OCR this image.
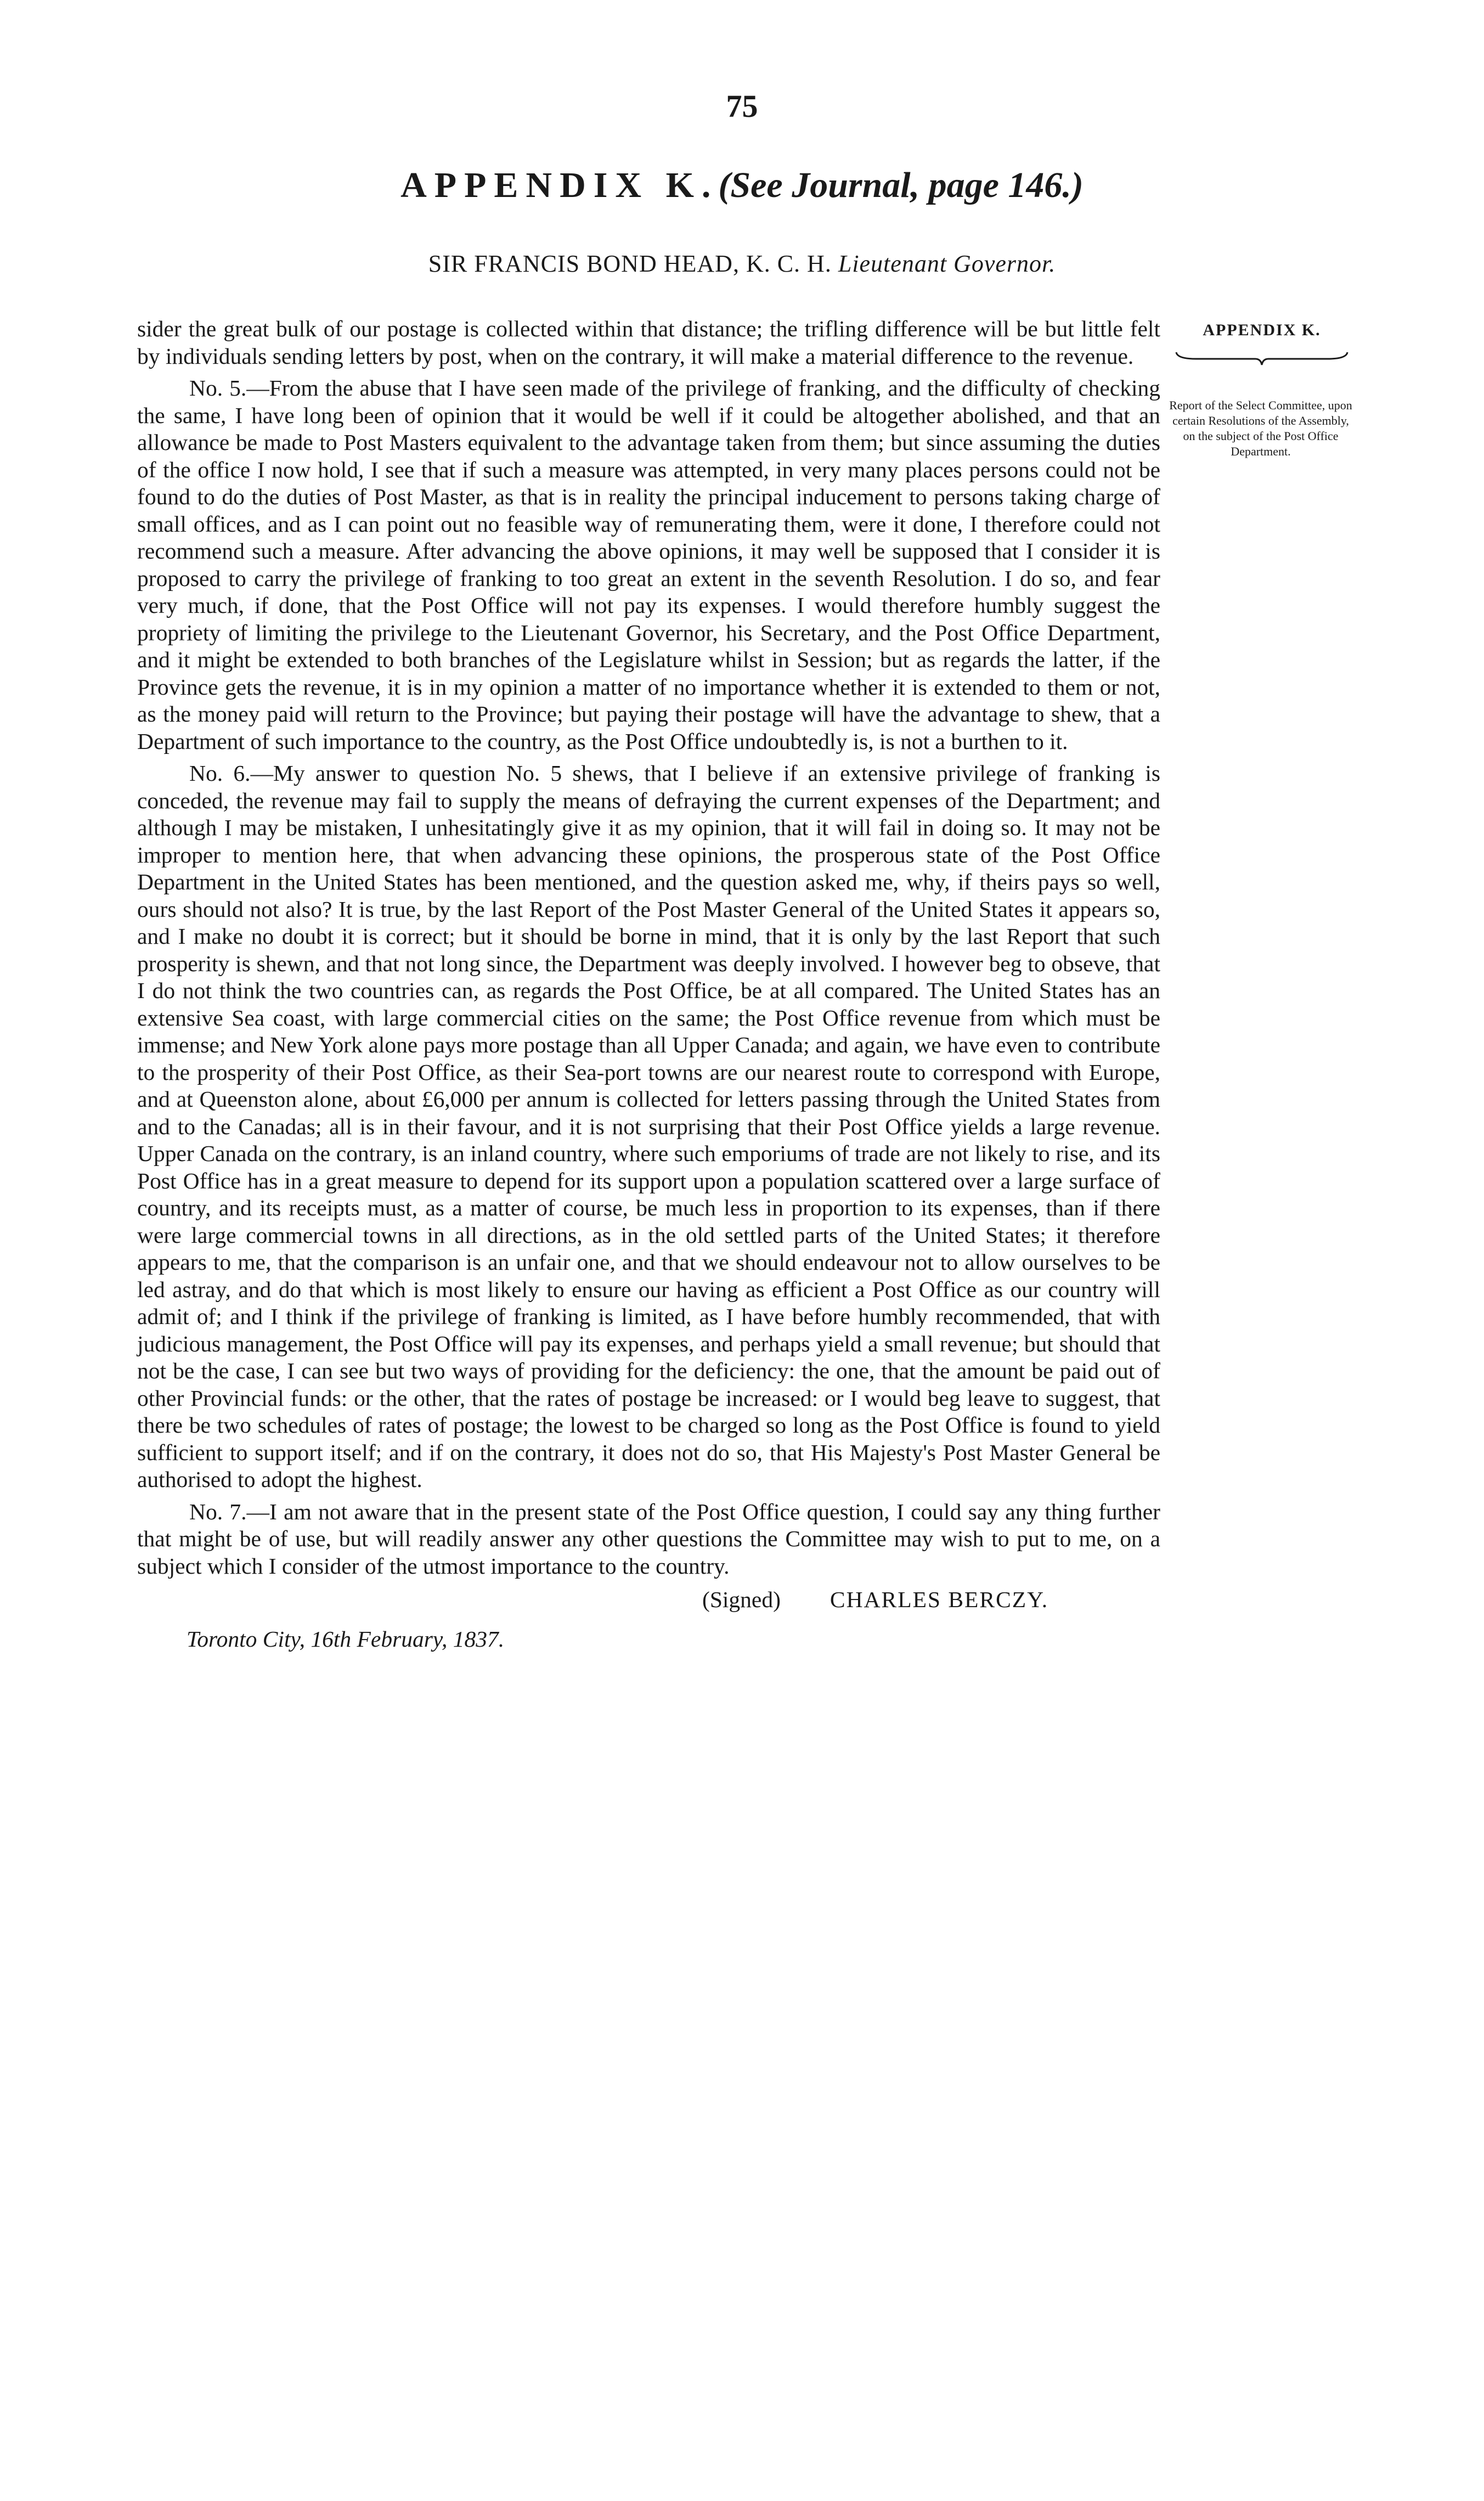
75
APPENDIX K.(See Journal, page 146.)
SIR FRANCIS BOND HEAD, K. C. H. Lieutenant Governor.
APPENDIX K.
Report of the Select Committee, upon certain Resolutions of the Assembly, on the subject of the Post Office Department.

sider the great bulk of our postage is collected within that distance; the trifling difference will be but little felt by individuals sending letters by post, when on the contrary, it will make a material difference to the revenue.

No. 5.—From the abuse that I have seen made of the privilege of franking, and the difficulty of checking the same, I have long been of opinion that it would be well if it could be altogether abolished, and that an allowance be made to Post Masters equivalent to the advantage taken from them; but since assuming the duties of the office I now hold, I see that if such a measure was attempted, in very many places persons could not be found to do the duties of Post Master, as that is in reality the principal inducement to persons taking charge of small offices, and as I can point out no feasible way of remunerating them, were it done, I therefore could not recommend such a measure. After advancing the above opinions, it may well be supposed that I consider it is proposed to carry the privilege of franking to too great an extent in the seventh Resolution. I do so, and fear very much, if done, that the Post Office will not pay its expenses. I would therefore humbly suggest the propriety of limiting the privilege to the Lieutenant Governor, his Secretary, and the Post Office Department, and it might be extended to both branches of the Legislature whilst in Session; but as regards the latter, if the Province gets the revenue, it is in my opinion a matter of no importance whether it is extended to them or not, as the money paid will return to the Province; but paying their postage will have the advantage to shew, that a Department of such importance to the country, as the Post Office undoubtedly is, is not a burthen to it.

No. 6.—My answer to question No. 5 shews, that I believe if an extensive privilege of franking is conceded, the revenue may fail to supply the means of defraying the current expenses of the Department; and although I may be mistaken, I unhesitatingly give it as my opinion, that it will fail in doing so. It may not be improper to mention here, that when advancing these opinions, the prosperous state of the Post Office Department in the United States has been mentioned, and the question asked me, why, if theirs pays so well, ours should not also? It is true, by the last Report of the Post Master General of the United States it appears so, and I make no doubt it is correct; but it should be borne in mind, that it is only by the last Report that such prosperity is shewn, and that not long since, the Department was deeply involved. I however beg to obseve, that I do not think the two countries can, as regards the Post Office, be at all compared. The United States has an extensive Sea coast, with large commercial cities on the same; the Post Office revenue from which must be immense; and New York alone pays more postage than all Upper Canada; and again, we have even to contribute to the prosperity of their Post Office, as their Sea-port towns are our nearest route to correspond with Europe, and at Queenston alone, about £6,000 per annum is collected for letters passing through the United States from and to the Canadas; all is in their favour, and it is not surprising that their Post Office yields a large revenue. Upper Canada on the contrary, is an inland country, where such emporiums of trade are not likely to rise, and its Post Office has in a great measure to depend for its support upon a population scattered over a large surface of country, and its receipts must, as a matter of course, be much less in proportion to its expenses, than if there were large commercial towns in all directions, as in the old settled parts of the United States; it therefore appears to me, that the comparison is an unfair one, and that we should endeavour not to allow ourselves to be led astray, and do that which is most likely to ensure our having as efficient a Post Office as our country will admit of; and I think if the privilege of franking is limited, as I have before humbly recommended, that with judicious management, the Post Office will pay its expenses, and perhaps yield a small revenue; but should that not be the case, I can see but two ways of providing for the deficiency: the one, that the amount be paid out of other Provincial funds: or the other, that the rates of postage be increased: or I would beg leave to suggest, that there be two schedules of rates of postage; the lowest to be charged so long as the Post Office is found to yield sufficient to support itself; and if on the contrary, it does not do so, that His Majesty's Post Master General be authorised to adopt the highest.

No. 7.—I am not aware that in the present state of the Post Office question, I could say any thing further that might be of use, but will readily answer any other questions the Committee may wish to put to me, on a subject which I consider of the utmost importance to the country.

(Signed) CHARLES BERCZY.
Toronto City, 16th February, 1837.
